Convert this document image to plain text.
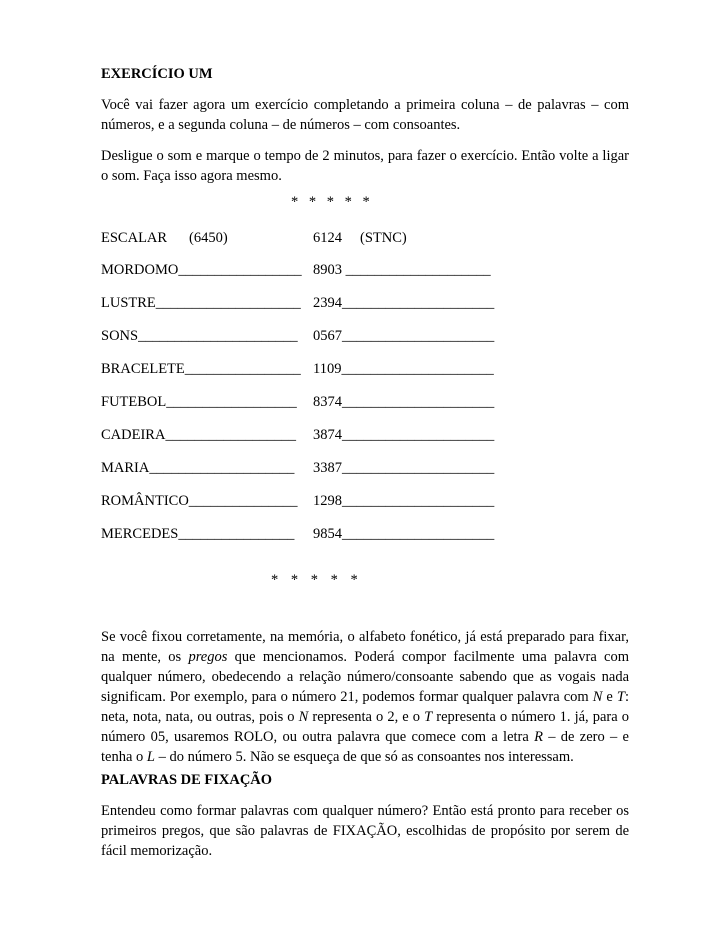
EXERCÍCIO UM
Você vai fazer agora um exercício completando a primeira coluna – de palavras – com números, e a segunda coluna – de números – com consoantes.
Desligue o som e marque o tempo de 2 minutos, para fazer o exercício. Então volte a ligar o som. Faça isso agora mesmo.
* * * * *
ESCALAR (6450)	6124 (STNC)
MORDOMO_________________ 8903 ____________________
LUSTRE____________________ 2394_____________________
SONS______________________ 0567_____________________
BRACELETE________________ 1109_____________________
FUTEBOL__________________ 8374_____________________
CADEIRA__________________ 3874_____________________
MARIA____________________ 3387_____________________
ROMÂNTICO_______________ 1298_____________________
MERCEDES________________ 9854_____________________
* * * * *
Se você fixou corretamente, na memória, o alfabeto fonético, já está preparado para fixar, na mente, os pregos que mencionamos. Poderá compor facilmente uma palavra com qualquer número, obedecendo a relação número/consoante sabendo que as vogais nada significam. Por exemplo, para o número 21, podemos formar qualquer palavra com N e T: neta, nota, nata, ou outras, pois o N representa o 2, e o T representa o número 1. já, para o número 05, usaremos ROLO, ou outra palavra que comece com a letra R – de zero – e tenha o L – do número 5. Não se esqueça de que só as consoantes nos interessam.
PALAVRAS DE FIXAÇÃO
Entendeu como formar palavras com qualquer número? Então está pronto para receber os primeiros pregos, que são palavras de FIXAÇÃO, escolhidas de propósito por serem de fácil memorização.
